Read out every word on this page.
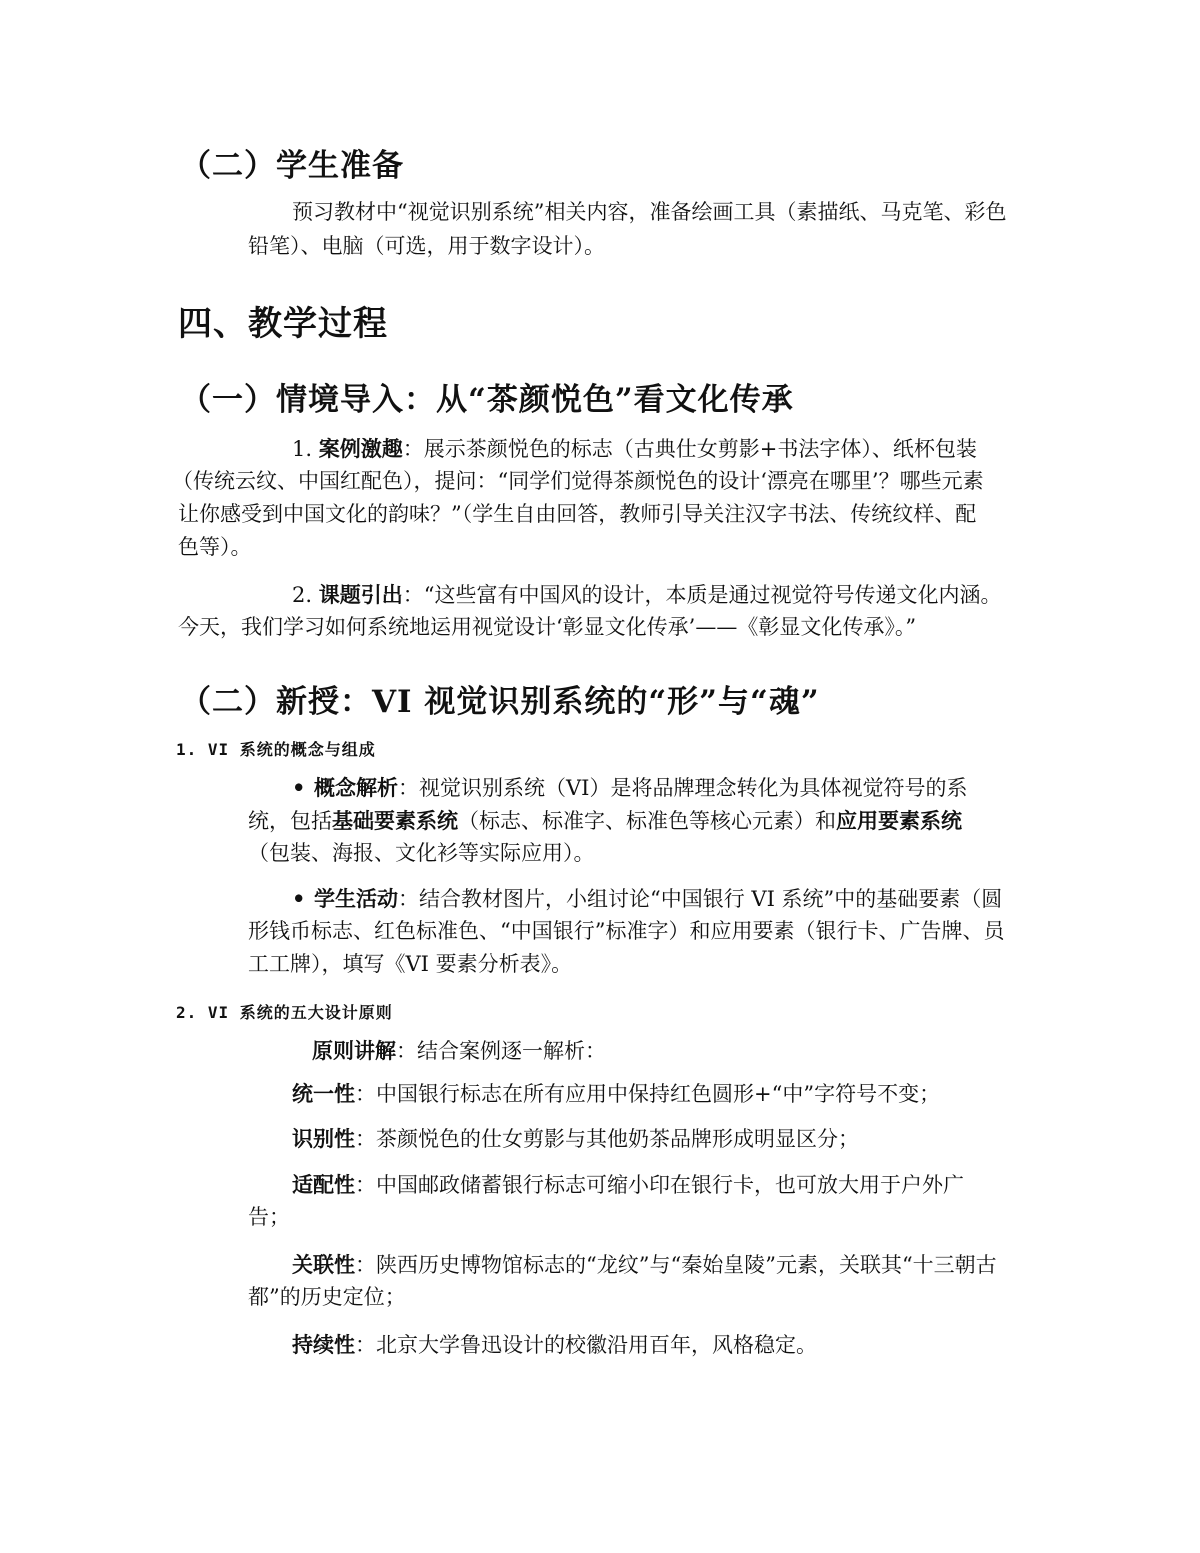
（二）学生准备
预习教材中“视觉识别系统”相关内容，准备绘画工具（素描纸、马克笔、彩色
铅笔）、电脑（可选，用于数字设计）。
四、教学过程
（一）情境导入：从“茶颜悦色”看文化传承
1. 案例激趣：展示茶颜悦色的标志（古典仕女剪影+书法字体）、纸杯包装
（传统云纹、中国红配色），提问：“同学们觉得茶颜悦色的设计‘漂亮在哪里’？哪些元素
让你感受到中国文化的韵味？”（学生自由回答，教师引导关注汉字书法、传统纹样、配
色等）。
2. 课题引出：“这些富有中国风的设计，本质是通过视觉符号传递文化内涵。
今天，我们学习如何系统地运用视觉设计‘彰显文化传承’——《彰显文化传承》。”
（二）新授：VI 视觉识别系统的“形”与“魂”
1. VI 系统的概念与组成
• 概念解析：视觉识别系统（VI）是将品牌理念转化为具体视觉符号的系
统，包括基础要素系统（标志、标准字、标准色等核心元素）和应用要素系统
（包装、海报、文化衫等实际应用）。
• 学生活动：结合教材图片，小组讨论“中国银行 VI 系统”中的基础要素（圆
形钱币标志、红色标准色、“中国银行”标准字）和应用要素（银行卡、广告牌、员
工工牌），填写《VI 要素分析表》。
2. VI 系统的五大设计原则
原则讲解：结合案例逐一解析：
统一性：中国银行标志在所有应用中保持红色圆形+“中”字符号不变；
识别性：茶颜悦色的仕女剪影与其他奶茶品牌形成明显区分；
适配性：中国邮政储蓄银行标志可缩小印在银行卡，也可放大用于户外广
告；
关联性：陕西历史博物馆标志的“龙纹”与“秦始皇陵”元素，关联其“十三朝古
都”的历史定位；
持续性：北京大学鲁迅设计的校徽沿用百年，风格稳定。
